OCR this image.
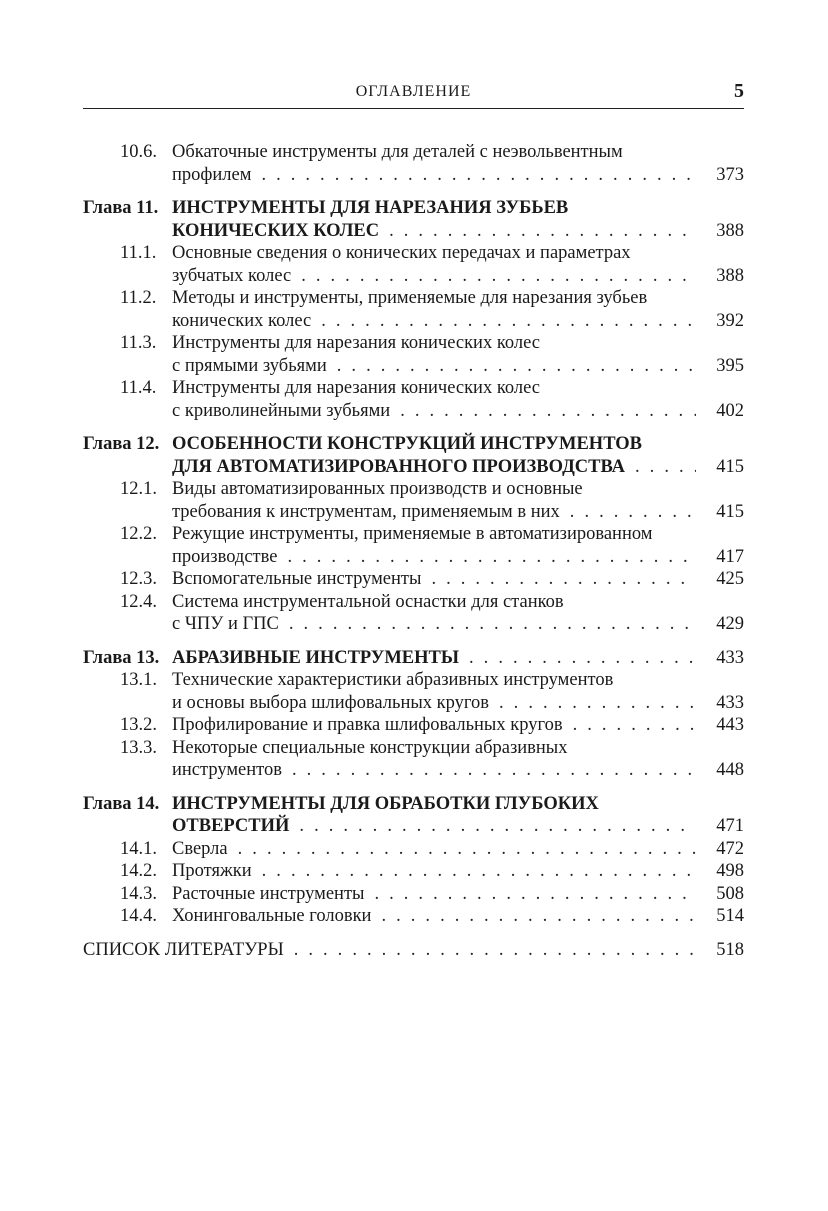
ОГЛАВЛЕНИЕ	5
10.6. Обкаточные инструменты для деталей с неэвольвентным
профилем . . .	373
Глава 11. ИНСТРУМЕНТЫ ДЛЯ НАРЕЗАНИЯ ЗУБЬЕВ
КОНИЧЕСКИХ КОЛЕС . . .	388
11.1. Основные сведения о конических передачах и параметрах
зубчатых колес . . .	388
11.2. Методы и инструменты, применяемые для нарезания зубьев
конических колес . . .	392
11.3. Инструменты для нарезания конических колес
с прямыми зубьями . . .	395
11.4. Инструменты для нарезания конических колес
с криволинейными зубьями . . .	402
Глава 12. ОСОБЕННОСТИ КОНСТРУКЦИЙ ИНСТРУМЕНТОВ
ДЛЯ АВТОМАТИЗИРОВАННОГО ПРОИЗВОДСТВА . . .	415
12.1. Виды автоматизированных производств и основные
требования к инструментам, применяемым в них . . .	415
12.2. Режущие инструменты, применяемые в автоматизированном
производстве . . .	417
12.3. Вспомогательные инструменты . . .	425
12.4. Система инструментальной оснастки для станков
с ЧПУ и ГПС . . .	429
Глава 13. АБРАЗИВНЫЕ ИНСТРУМЕНТЫ . . .	433
13.1. Технические характеристики абразивных инструментов
и основы выбора шлифовальных кругов . . .	433
13.2. Профилирование и правка шлифовальных кругов . . .	443
13.3. Некоторые специальные конструкции абразивных
инструментов . . .	448
Глава 14. ИНСТРУМЕНТЫ ДЛЯ ОБРАБОТКИ ГЛУБОКИХ
ОТВЕРСТИЙ . . .	471
14.1. Сверла . . .	472
14.2. Протяжки . . .	498
14.3. Расточные инструменты . . .	508
14.4. Хонинговальные головки . . .	514
СПИСОК ЛИТЕРАТУРЫ . . .	518
